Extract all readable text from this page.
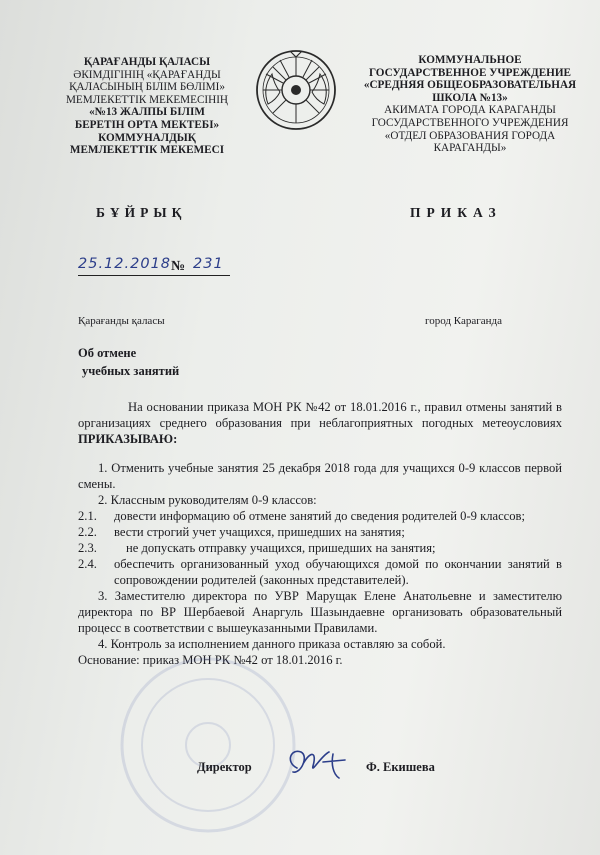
ҚАРАҒАНДЫ ҚАЛАСЫ
ӘКІМДІГІНІҢ «ҚАРАҒАНДЫ
ҚАЛАСЫНЫҢ БІЛІМ БӨЛІМІ»
МЕМЛЕКЕТТІК МЕКЕМЕСІНІҢ
«№13 ЖАЛПЫ БІЛІМ
БЕРЕТІН ОРТА МЕКТЕБІ»
КОММУНАЛДЫҚ
МЕМЛЕКЕТТІК МЕКЕМЕСІ
КОММУНАЛЬНОЕ
ГОСУДАРСТВЕННОЕ УЧРЕЖДЕНИЕ
«СРЕДНЯЯ ОБЩЕОБРАЗОВАТЕЛЬНАЯ
ШКОЛА №13»
АКИМАТА ГОРОДА КАРАГАНДЫ
ГОСУДАРСТВЕННОГО УЧРЕЖДЕНИЯ
«ОТДЕЛ ОБРАЗОВАНИЯ ГОРОДА
КАРАГАНДЫ»
БҰЙРЫҚ	ПРИКАЗ
25.12.2018 № 231
Қарағанды қаласы	город Караганда
Об отмене
учебных занятий
На основании приказа МОН РК №42 от 18.01.2016 г., правил отмены занятий в организациях среднего образования при неблагоприятных погодных метеоусловиях ПРИКАЗЫВАЮ:
1. Отменить учебные занятия 25 декабря 2018 года для учащихся 0-9 классов первой смены.
2. Классным руководителям 0-9 классов:
2.1.	довести информацию об отмене занятий до сведения родителей 0-9 классов;
2.2.	вести строгий учет учащихся, пришедших на занятия;
2.3.	не допускать отправку учащихся, пришедших на занятия;
2.4.	обеспечить организованный уход обучающихся домой по окончании занятий в сопровождении родителей (законных представителей).
3. Заместителю директора по УВР Марущак Елене Анатольевне и заместителю директора по ВР Шербаевой Анаргуль Шазындаевне организовать образовательный процесс в соответствии с вышеуказанными Правилами.
4. Контроль за исполнением данного приказа оставляю за собой.
Основание: приказ МОН РК №42 от 18.01.2016 г.
Директор	Ф. Екишева
